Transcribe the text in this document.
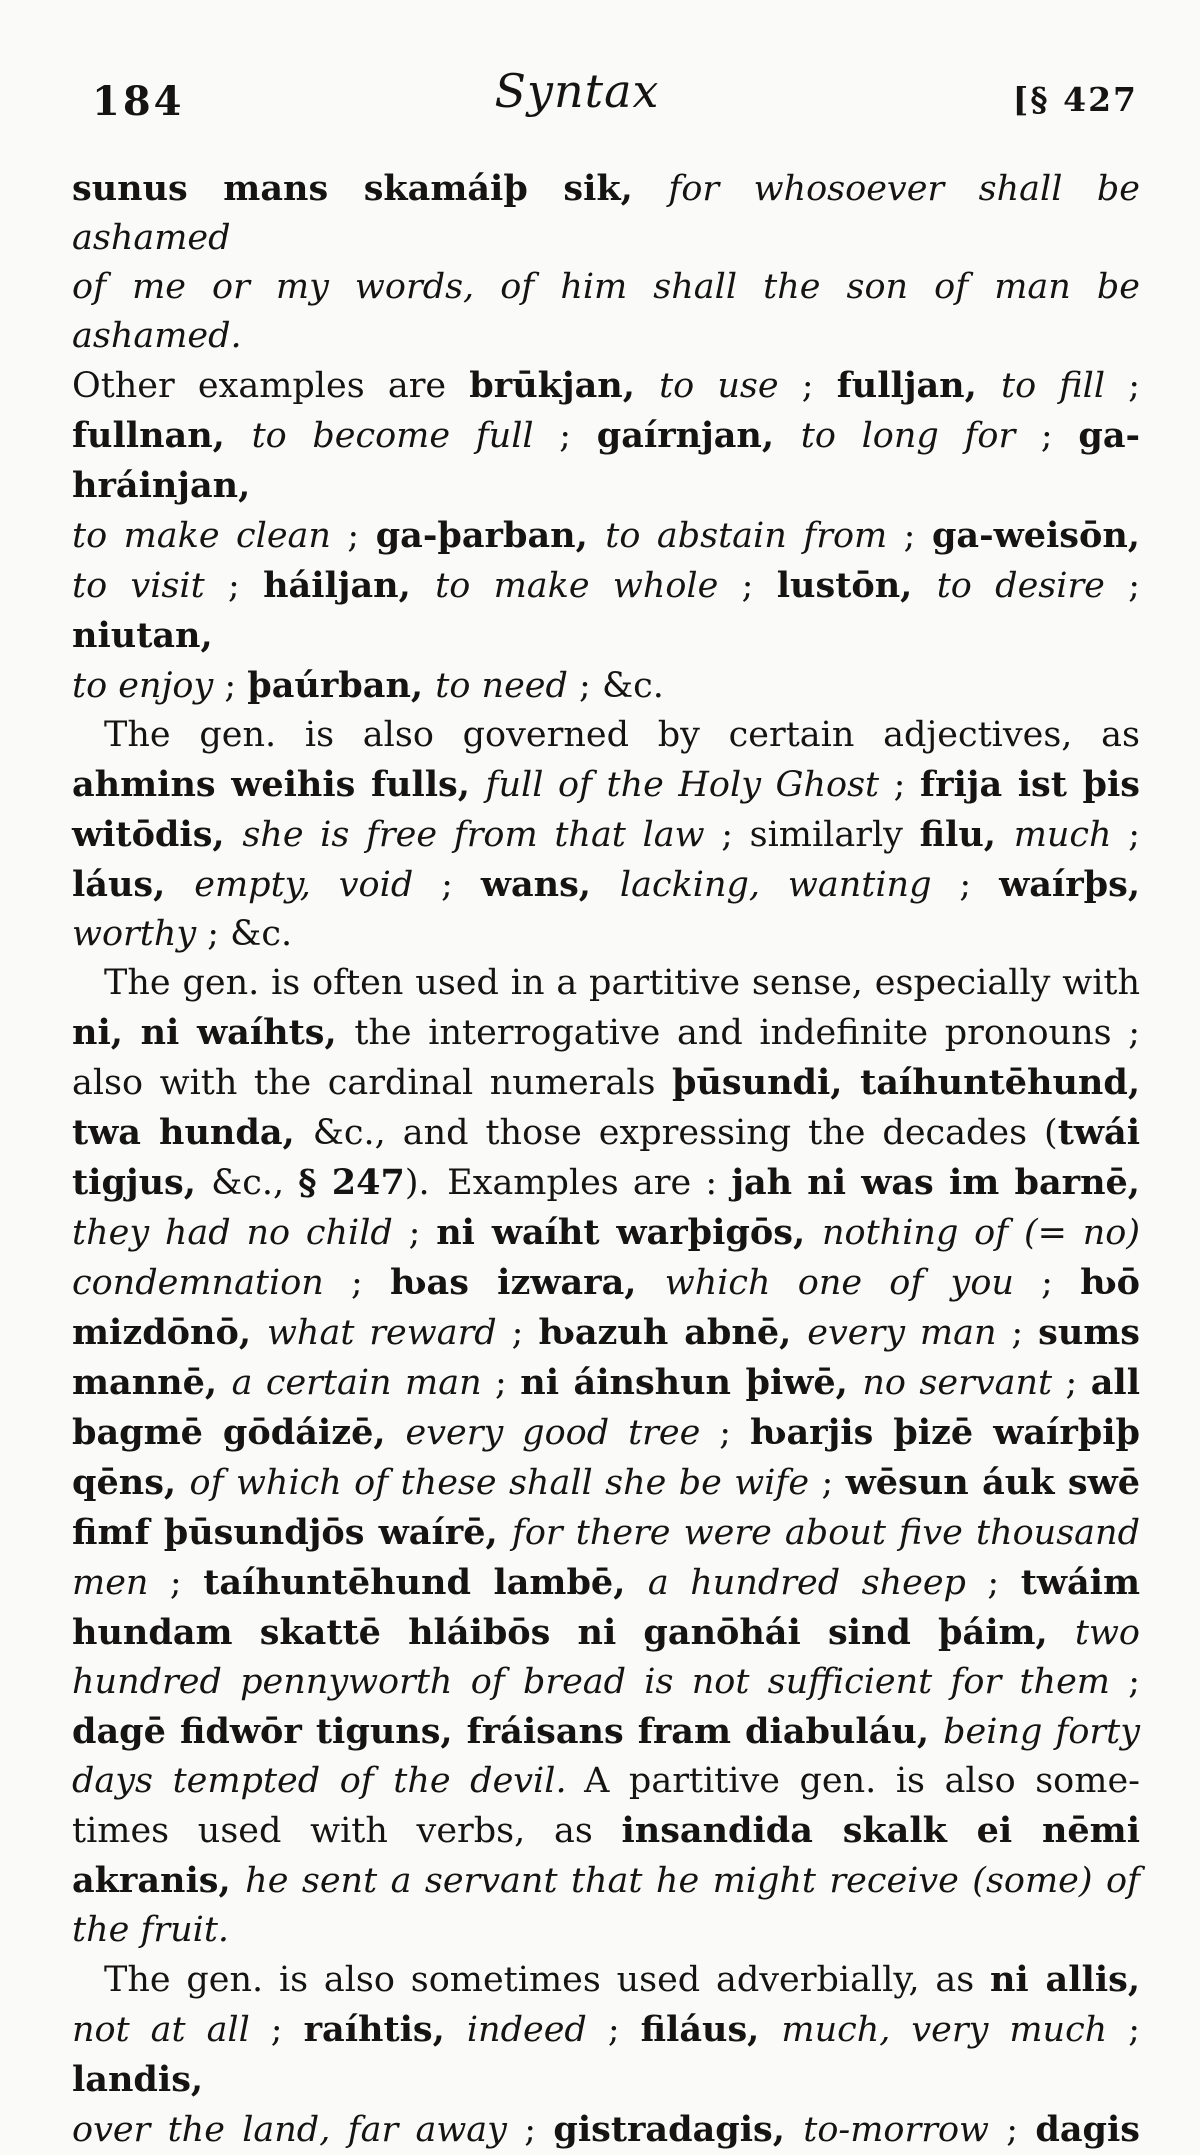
184	Syntax	[§ 427
sunus mans skamáiþ sik, for whosoever shall be ashamed
of me or my words, of him shall the son of man be ashamed.
Other examples are brūkjan, to use ; fulljan, to fill ;
fullnan, to become full ; gaírnjan, to long for ; ga-hráinjan,
to make clean ; ga-þarban, to abstain from ; ga-weisōn,
to visit ; háiljan, to make whole ; lustōn, to desire ; niutan,
to enjoy ; þaúrban, to need ; &c.
The gen. is also governed by certain adjectives, as
ahmins weihis fulls, full of the Holy Ghost ; frija ist þis
witōdis, she is free from that law ; similarly filu, much ;
láus, empty, void ; wans, lacking, wanting ; waírþs,
worthy ; &c.
The gen. is often used in a partitive sense, especially with
ni, ni waíhts, the interrogative and indefinite pronouns ;
also with the cardinal numerals þūsundi, taíhuntēhund,
twa hunda, &c., and those expressing the decades (twái
tigjus, &c., § 247). Examples are : jah ni was im barnē,
they had no child ; ni waíht warþigōs, nothing of (= no)
condemnation ; ƕas izwara, which one of you ; ƕō
mizdōnō, what reward ; ƕazuh abnē, every man ; sums
mannē, a certain man ; ni áinshun þiwē, no servant ; all
bagmē gōdáizē, every good tree ; ƕarjis þizē waírþiþ
qēns, of which of these shall she be wife ; wēsun áuk swē
fimf þūsundjōs waírē, for there were about five thousand
men ; taíhuntēhund lambē, a hundred sheep ; twáim
hundam skattē hláibōs ni ganōhái sind þáim, two
hundred pennyworth of bread is not sufficient for them ;
dagē fidwōr tiguns, fráisans fram diabuláu, being forty
days tempted of the devil. A partitive gen. is also some-
times used with verbs, as insandida skalk ei nēmi
akranis, he sent a servant that he might receive (some) of
the fruit.
The gen. is also sometimes used adverbially, as ni allis,
not at all ; raíhtis, indeed ; filáus, much, very much ; landis,
over the land, far away ; gistradagis, to-morrow ; dagis
